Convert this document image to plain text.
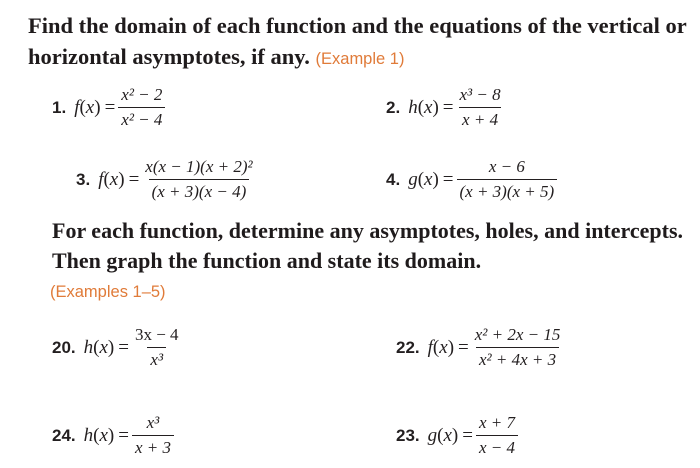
Find the domain of each function and the equations of the vertical or horizontal asymptotes, if any. (Example 1)
1. $f(x) = \frac{\text{x² − 2}}{\text{x² − 4}}$	2. $h(x) = \frac{\text{x³ − 8}}{x + 4}$
3. $f(x) = \frac{\text{x(x − 1)(x + 2)²}}{(x + 3)(x - 4)}$	4. $g(x) = \frac{x - 6}{(x + 3)(x + 5)}$
For each function, determine any asymptotes, holes, and intercepts. Then graph the function and state its domain.
(Examples 1–5)
20. $h(x) = \frac{3x - 4}{\text{x³}}$	22. $f(x) = \frac{\text{x² + 2x − 15}}{\text{x² + 4x + 3}}$
24. $h(x) = \frac{\text{x³}}{x + 3}$	23. $g(x) = \frac{x + 7}{x - 4}$
